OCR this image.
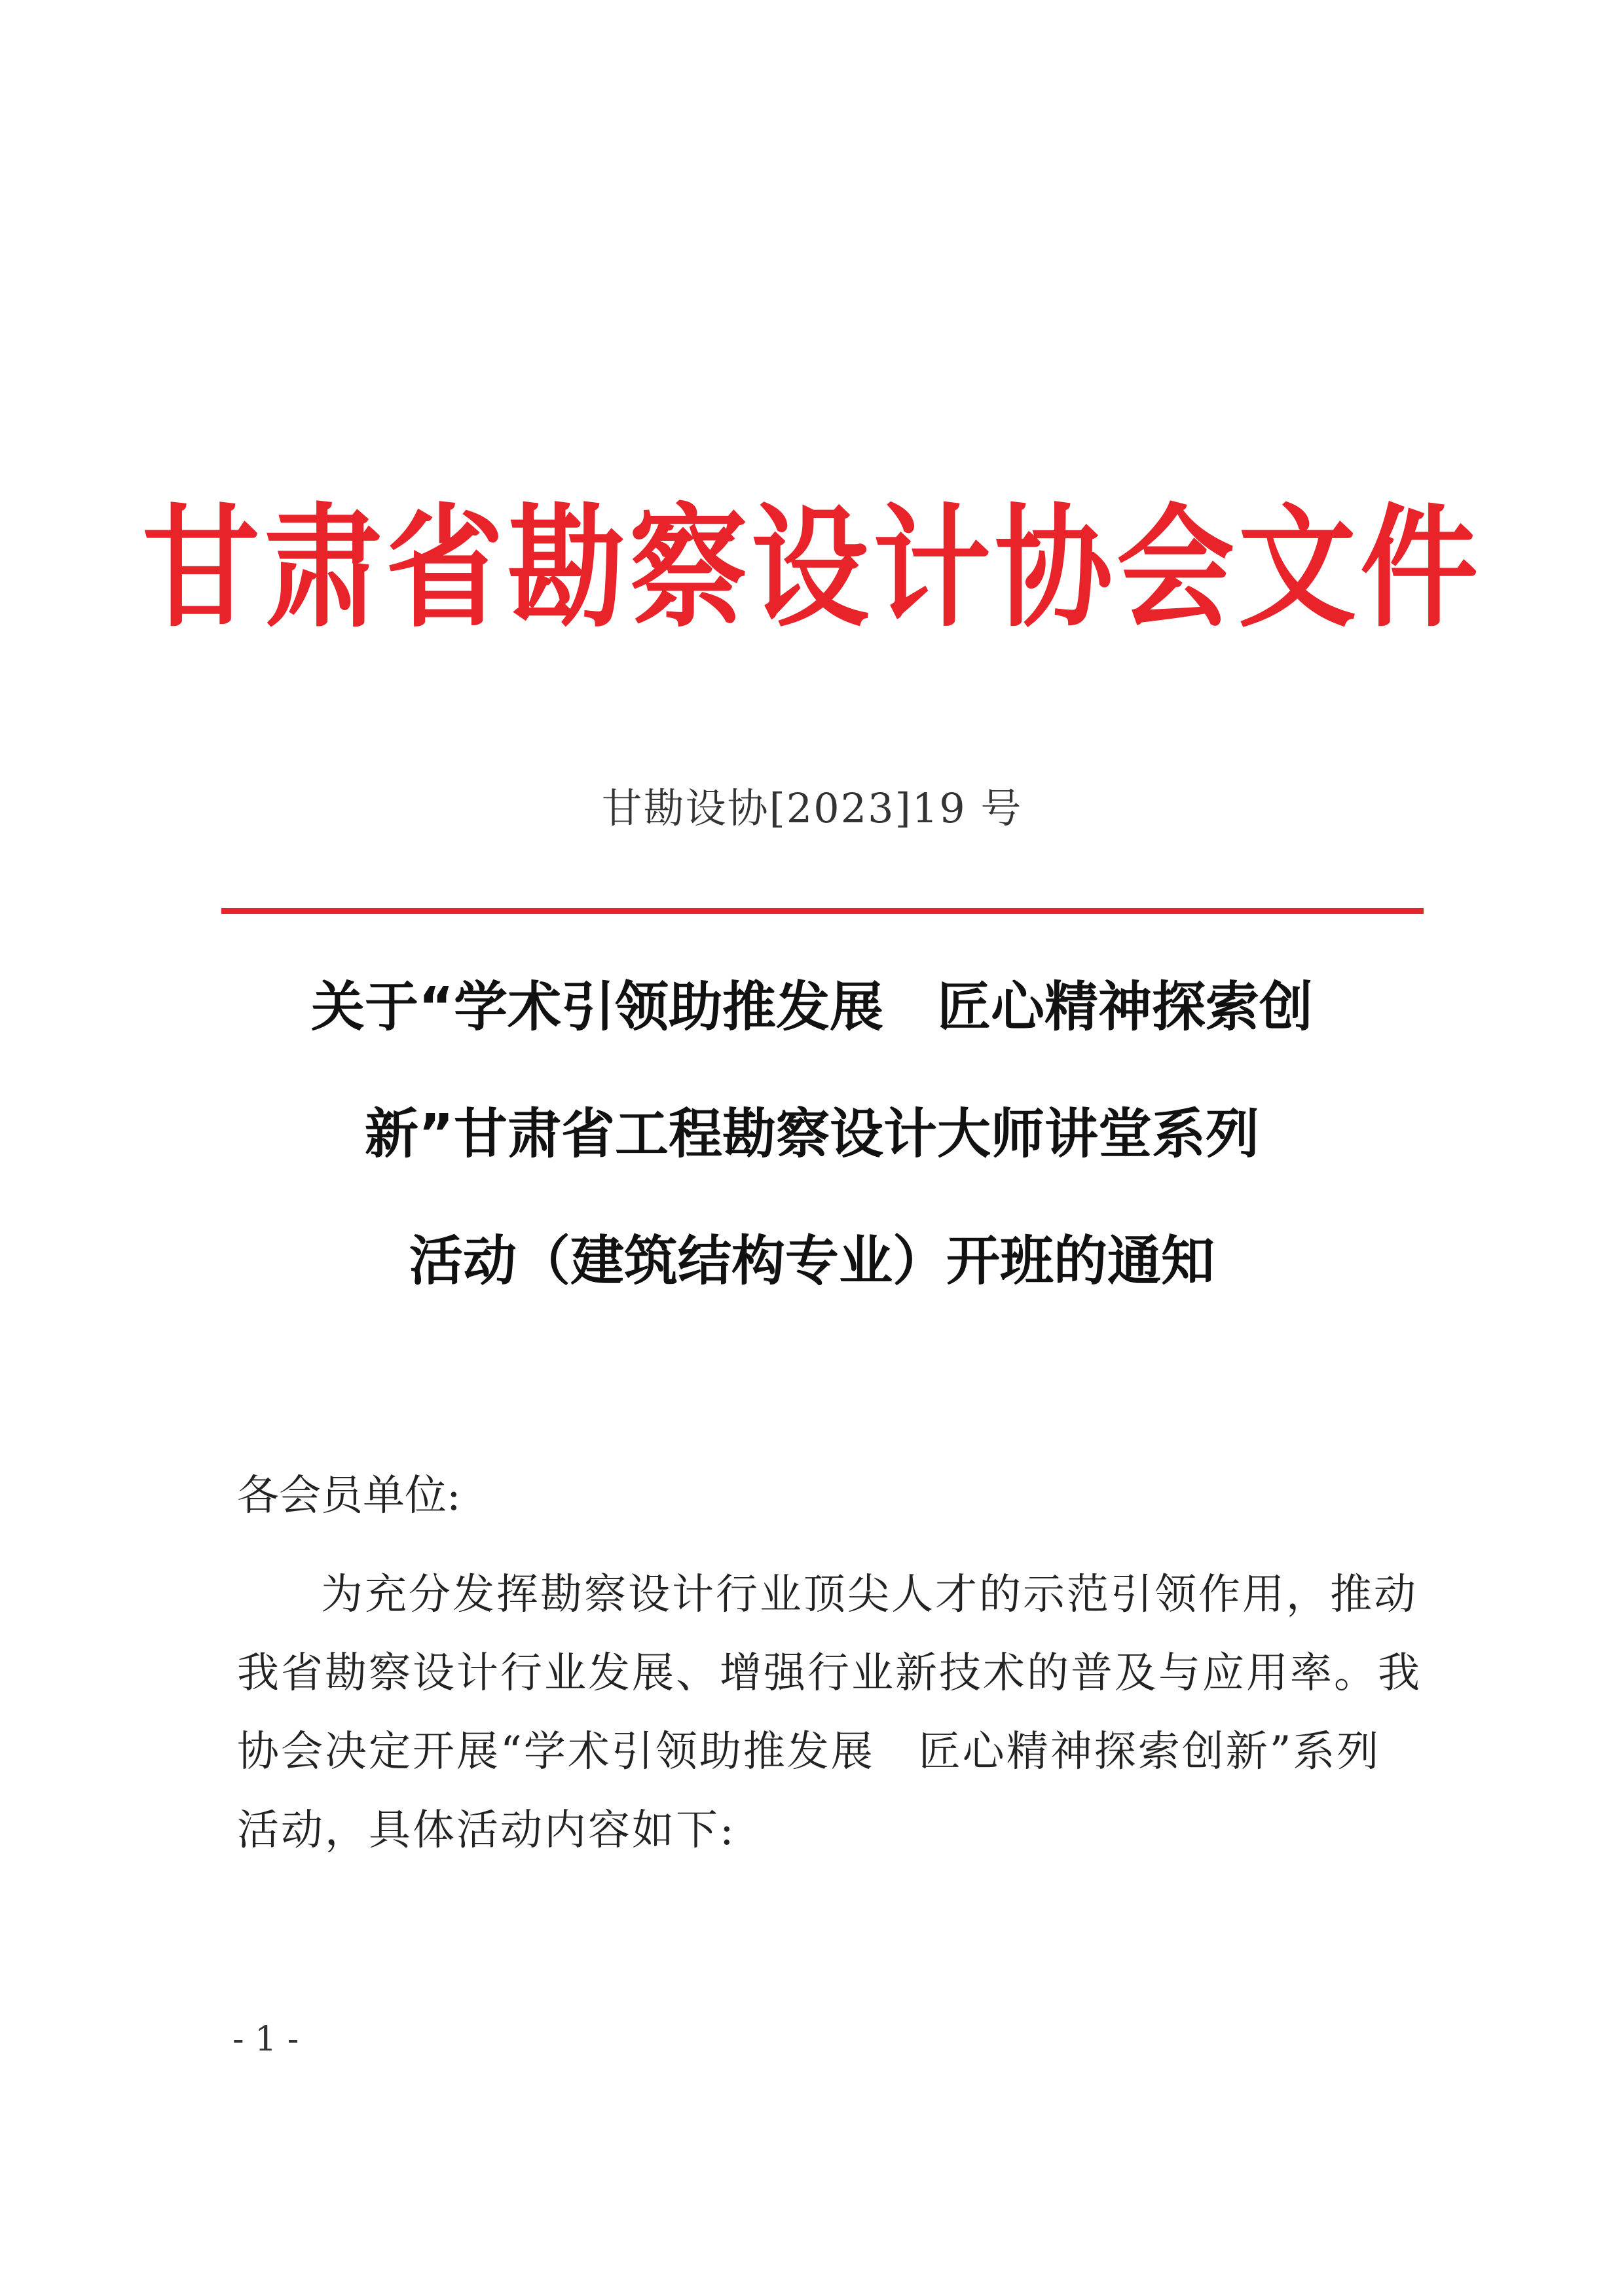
甘肃省勘察设计协会文件
甘勘设协[2023]19 号
关于“学术引领助推发展　匠心精神探索创
新”甘肃省工程勘察设计大师讲堂系列
活动（建筑结构专业）开班的通知
各会员单位:
为充分发挥勘察设计行业顶尖人才的示范引领作用，推动
我省勘察设计行业发展、增强行业新技术的普及与应用率。我
协会决定开展“学术引领助推发展　匠心精神探索创新”系列
活动，具体活动内容如下:
- 1 -
